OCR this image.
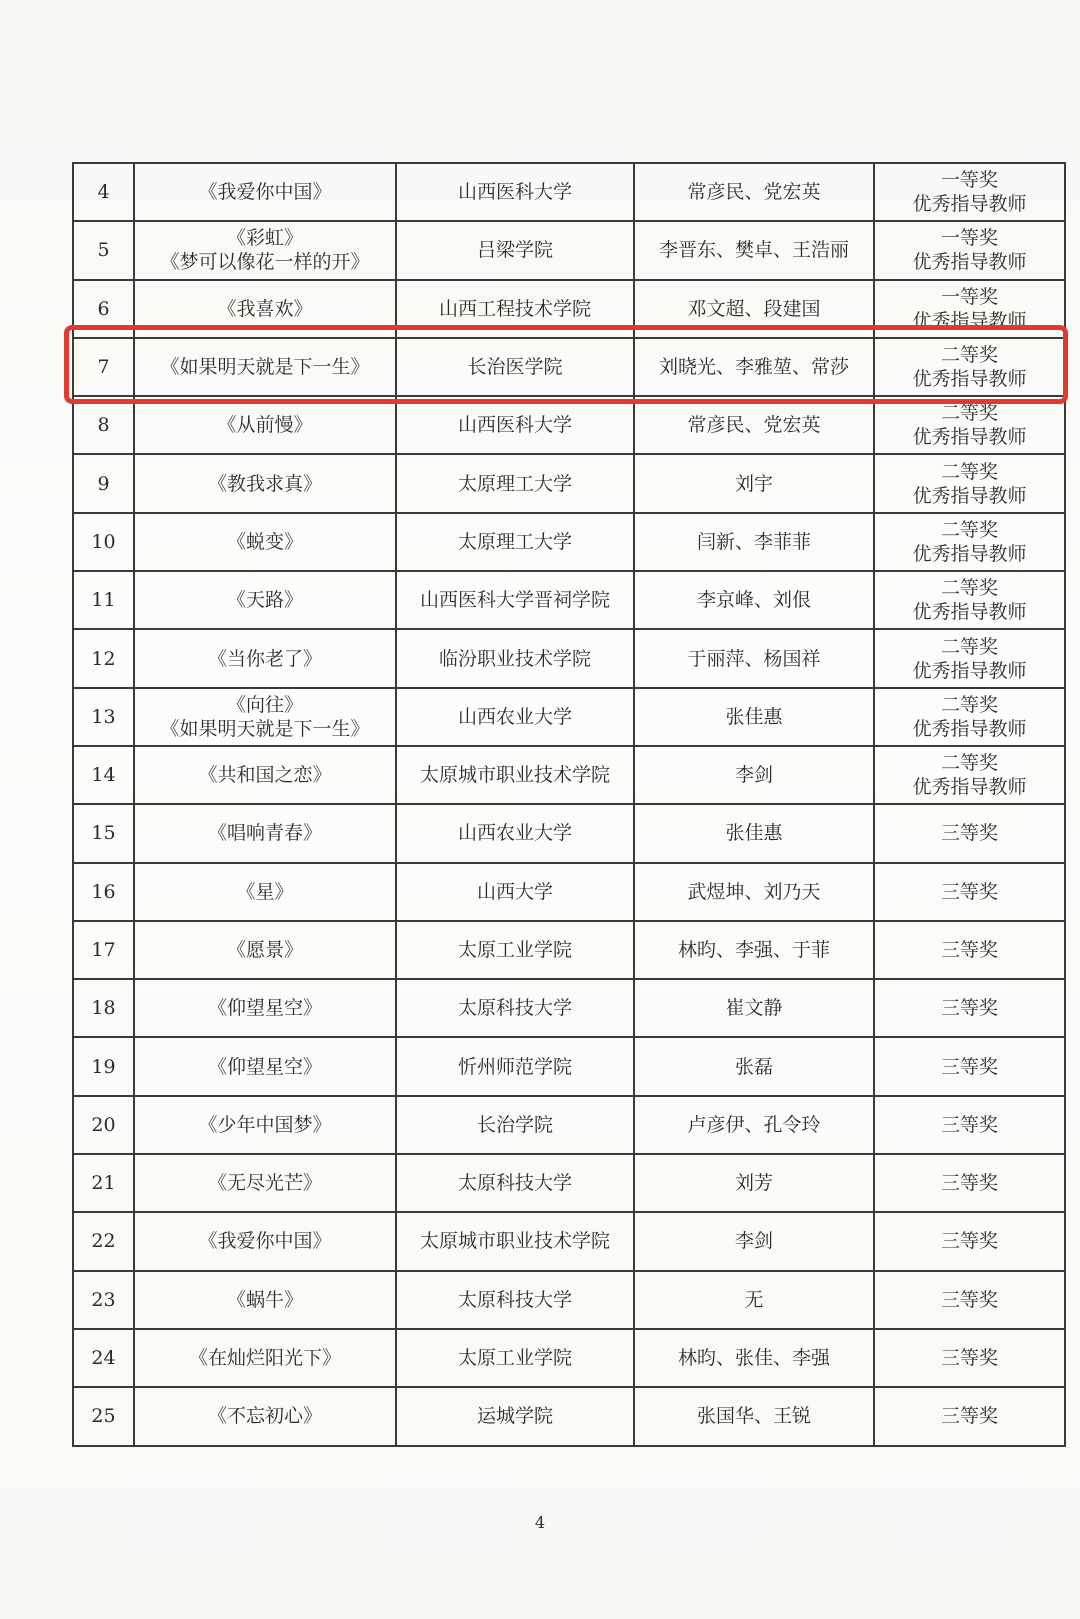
4	《我爱你中国》	山西医科大学	常彦民、党宏英	一等奖
优秀指导教师

5	《彩虹》
《梦可以像花一样的开》	吕梁学院	李晋东、樊卓、王浩丽	一等奖
优秀指导教师

6	《我喜欢》	山西工程技术学院	邓文超、段建国	一等奖
优秀指导教师

7	《如果明天就是下一生》	长治医学院	刘晓光、李雅堃、常莎	二等奖
优秀指导教师

8	《从前慢》	山西医科大学	常彦民、党宏英	二等奖
优秀指导教师

9	《教我求真》	太原理工大学	刘宇	二等奖
优秀指导教师

10	《蜕变》	太原理工大学	闫新、李菲菲	二等奖
优秀指导教师

11	《天路》	山西医科大学晋祠学院	李京峰、刘佷	二等奖
优秀指导教师

12	《当你老了》	临汾职业技术学院	于丽萍、杨国祥	二等奖
优秀指导教师

13	《向往》
《如果明天就是下一生》	山西农业大学	张佳惠	二等奖
优秀指导教师

14	《共和国之恋》	太原城市职业技术学院	李剑	二等奖
优秀指导教师

15	《唱响青春》	山西农业大学	张佳惠	三等奖

16	《星》	山西大学	武煜坤、刘乃天	三等奖

17	《愿景》	太原工业学院	林昀、李强、于菲	三等奖

18	《仰望星空》	太原科技大学	崔文静	三等奖

19	《仰望星空》	忻州师范学院	张磊	三等奖

20	《少年中国梦》	长治学院	卢彦伊、孔令玲	三等奖

21	《无尽光芒》	太原科技大学	刘芳	三等奖

22	《我爱你中国》	太原城市职业技术学院	李剑	三等奖

23	《蜗牛》	太原科技大学	无	三等奖

24	《在灿烂阳光下》	太原工业学院	林昀、张佳、李强	三等奖

25	《不忘初心》	运城学院	张国华、王锐	三等奖
4
